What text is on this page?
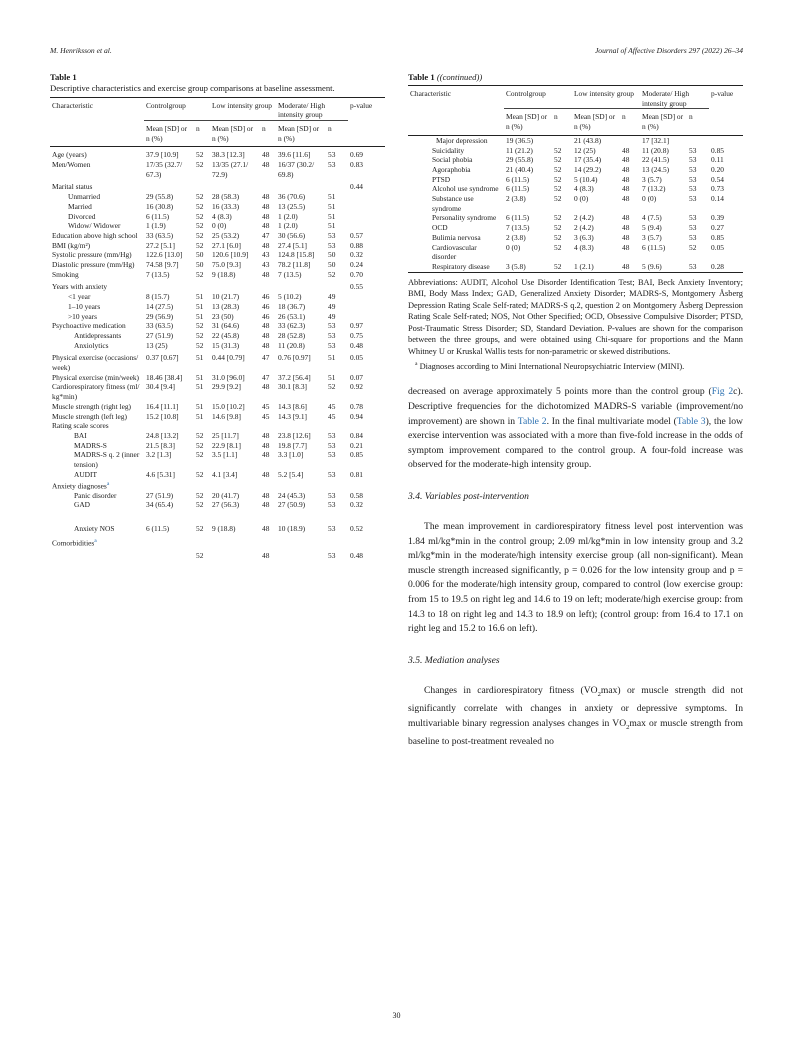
M. Henriksson et al.	Journal of Affective Disorders 297 (2022) 26–34

Table 1

Descriptive characteristics and exercise group comparisons at baseline assessment.

Characteristic	Controlgroup		Low intensity group		Moderate/ High intensity group		p-value
	Mean [SD] or n (%)	n	Mean [SD] or n (%)	n	Mean [SD] or n (%)	n	
Age (years)	37.9 [10.9]	52	38.3 [12.3]	48	39.6 [11.6]	53	0.69
Men/Women	17/35 (32.7/ 67.3)	52	13/35 (27.1/ 72.9)	48	16/37 (30.2/ 69.8)	53	0.83
Marital status							0.44
Unmarried	29 (55.8)	52	28 (58.3)	48	36 (70.6)	51	
Married	16 (30.8)	52	16 (33.3)	48	13 (25.5)	51	
Divorced	6 (11.5)	52	4 (8.3)	48	1 (2.0)	51	
Widow/ Widower	1 (1.9)	52	0 (0)	48	1 (2.0)	51	
Education above high school	33 (63.5)	52	25 (53.2)	47	30 (56.6)	53	0.57
BMI (kg/m²)	27.2 [5.1]	52	27.1 [6.0]	48	27.4 [5.1]	53	0.88
Systolic pressure (mm/Hg)	122.6 [13.0]	50	120.6 [10.9]	43	124.8 [15.8]	50	0.32
Diastolic pressure (mm/Hg)	74.58 [9.7]	50	75.0 [9.3]	43	78.2 [11.8]	50	0.24
Smoking	7 (13.5)	52	9 (18.8)	48	7 (13.5)	52	0.70
Years with anxiety							0.55
<1 year	8 (15.7)	51	10 (21.7)	46	5 (10.2)	49	
1–10 years	14 (27.5)	51	13 (28.3)	46	18 (36.7)	49	
>10 years	29 (56.9)	51	23 (50)	46	26 (53.1)	49	
Psychoactive medication	33 (63.5)	52	31 (64.6)	48	33 (62.3)	53	0.97
Antidepressants	27 (51.9)	52	22 (45.8)	48	28 (52.8)	53	0.75
Anxiolytics	13 (25)	52	15 (31.3)	48	11 (20.8)	53	0.48
Physical exercise (occasions/ week)	0.37 [0.67]	51	0.44 [0.79]	47	0.76 [0.97]	51	0.05
Physical exercise (min/week)	18.46 [38.4]	51	31.0 [96.0]	47	37.2 [56.4]	51	0.07
Cardiorespiratory fitness (ml/ kg*min)	30.4 [9.4]	51	29.9 [9.2]	48	30.1 [8.3]	52	0.92
Muscle strength (right leg)	16.4 [11.1]	51	15.0 [10.2]	45	14.3 [8.6]	45	0.78
Muscle strength (left leg)	15.2 [10.8]	51	14.6 [9.8]	45	14.3 [9.1]	45	0.94
Rating scale scores							
BAI	24.8 [13.2]	52	25 [11.7]	48	23.8 [12.6]	53	0.84
MADRS-S	21.5 [8.3]	52	22.9 [8.1]	48	19.8 [7.7]	53	0.21
MADRS-S q. 2 (inner tension)	3.2 [1.3]	52	3.5 [1.1]	48	3.3 [1.0]	53	0.85
AUDIT	4.6 [5.31]	52	4.1 [3.4]	48	5.2 [5.4]	53	0.81
Anxiety diagnoses$^a$							
Panic disorder	27 (51.9)	52	20 (41.7)	48	24 (45.3)	53	0.58
GAD	34 (65.4)	52	27 (56.3)	48	27 (50.9)	53	0.32
Anxiety NOS	6 (11.5)	52	9 (18.8)	48	10 (18.9)	53	0.52
Comorbidities$^a$							
		52		48		53	0.48

Table 1 ((continued))

Characteristic	Controlgroup		Low intensity group		Moderate/ High intensity group		p-value
	Mean [SD] or n (%)	n	Mean [SD] or n (%)	n	Mean [SD] or n (%)	n	
Major depression	19 (36.5)		21 (43.8)		17 [32.1]		
Suicidality	11 (21.2)	52	12 (25)	48	11 (20.8)	53	0.85
Social phobia	29 (55.8)	52	17 (35.4)	48	22 (41.5)	53	0.11
Agoraphobia	21 (40.4)	52	14 (29.2)	48	13 (24.5)	53	0.20
PTSD	6 (11.5)	52	5 (10.4)	48	3 (5.7)	53	0.54
Alcohol use syndrome	6 (11.5)	52	4 (8.3)	48	7 (13.2)	53	0.73
Substance use syndrome	2 (3.8)	52	0 (0)	48	0 (0)	53	0.14
Personality syndrome	6 (11.5)	52	2 (4.2)	48	4 (7.5)	53	0.39
OCD	7 (13.5)	52	2 (4.2)	48	5 (9.4)	53	0.27
Bulimia nervosa	2 (3.8)	52	3 (6.3)	48	3 (5.7)	53	0.85
Cardiovascular disorder	0 (0)	52	4 (8.3)	48	6 (11.5)	52	0.05
Respiratory disease	3 (5.8)	52	1 (2.1)	48	5 (9.6)	53	0.28

Abbreviations: AUDIT, Alcohol Use Disorder Identification Test; BAI, Beck Anxiety Inventory; BMI, Body Mass Index; GAD, Generalized Anxiety Disorder; MADRS-S, Montgomery Åsberg Depression Rating Scale Self-rated; MADRS-S q.2, question 2 on Montgomery Åsberg Depression Rating Scale Self-rated; NOS, Not Other Specified; OCD, Obsessive Compulsive Disorder; PTSD, Post-Traumatic Stress Disorder; SD, Standard Deviation. P-values are shown for the comparison between the three groups, and were obtained using Chi-square for proportions and the Mann Whitney U or Kruskal Wallis tests for non-parametric or skewed distributions.

$^a$ Diagnoses according to Mini International Neuropsychiatric Interview (MINI).

decreased on average approximately 5 points more than the control group (Fig 2c). Descriptive frequencies for the dichotomized MADRS-S variable (improvement/no improvement) are shown in Table 2. In the final multivariate model (Table 3), the low exercise intervention was associated with a more than five-fold increase in the odds of symptom improvement compared to the control group. A four-fold increase was observed for the moderate-high intensity group.

3.4. Variables post-intervention

The mean improvement in cardiorespiratory fitness level post intervention was 1.84 ml/kg*min in the control group; 2.09 ml/kg*min in low intensity group and 3.2 ml/kg*min in the moderate/high intensity exercise group (all non-significant). Mean muscle strength increased significantly, p = 0.026 for the low intensity group and p = 0.006 for the moderate/high intensity group, compared to control (low exercise group: from 15 to 19.5 on right leg and 14.6 to 19 on left; moderate/high exercise group: from 14.3 to 18 on right leg and 14.3 to 18.9 on left); (control group: from 16.4 to 17.1 on right leg and 15.2 to 16.6 on left).

3.5. Mediation analyses

Changes in cardiorespiratory fitness $(VO_2\max)$ or muscle strength did not significantly correlate with changes in anxiety or depressive symptoms. In multivariable binary regression analyses changes in $VO_2\max$ or muscle strength from baseline to post-treatment revealed no

30
